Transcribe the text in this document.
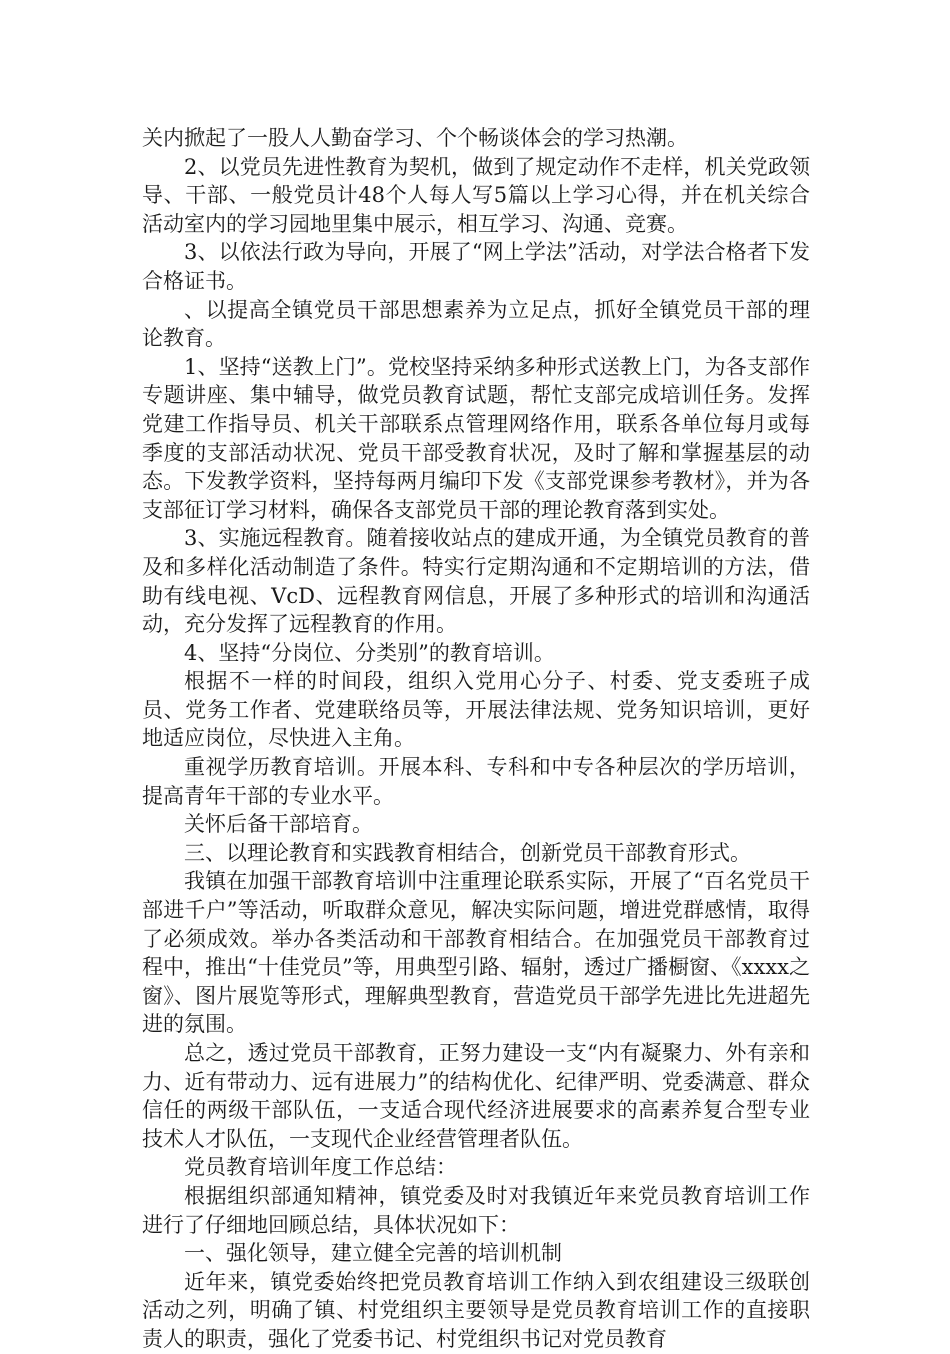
关内掀起了一股人人勤奋学习、个个畅谈体会的学习热潮。

2、以党员先进性教育为契机，做到了规定动作不走样，机关党政领导、干部、一般党员计48个人每人写5篇以上学习心得，并在机关综合活动室内的学习园地里集中展示，相互学习、沟通、竞赛。

3、以依法行政为导向，开展了“网上学法”活动，对学法合格者下发合格证书。

、以提高全镇党员干部思想素养为立足点，抓好全镇党员干部的理论教育。

1、坚持“送教上门”。党校坚持采纳多种形式送教上门，为各支部作专题讲座、集中辅导，做党员教育试题，帮忙支部完成培训任务。发挥党建工作指导员、机关干部联系点管理网络作用，联系各单位每月或每季度的支部活动状况、党员干部受教育状况，及时了解和掌握基层的动态。下发教学资料，坚持每两月编印下发《支部党课参考教材》，并为各支部征订学习材料，确保各支部党员干部的理论教育落到实处。

3、实施远程教育。随着接收站点的建成开通，为全镇党员教育的普及和多样化活动制造了条件。特实行定期沟通和不定期培训的方法，借助有线电视、VcD、远程教育网信息，开展了多种形式的培训和沟通活动，充分发挥了远程教育的作用。

4、坚持“分岗位、分类别”的教育培训。

根据不一样的时间段，组织入党用心分子、村委、党支委班子成员、党务工作者、党建联络员等，开展法律法规、党务知识培训，更好地适应岗位，尽快进入主角。

重视学历教育培训。开展本科、专科和中专各种层次的学历培训，提高青年干部的专业水平。

关怀后备干部培育。

三、以理论教育和实践教育相结合，创新党员干部教育形式。

我镇在加强干部教育培训中注重理论联系实际，开展了“百名党员干部进千户”等活动，听取群众意见，解决实际问题，增进党群感情，取得了必须成效。举办各类活动和干部教育相结合。在加强党员干部教育过程中，推出“十佳党员”等，用典型引路、辐射，透过广播橱窗、《xxxx之窗》、图片展览等形式，理解典型教育，营造党员干部学先进比先进超先进的氛围。

总之，透过党员干部教育，正努力建设一支“内有凝聚力、外有亲和力、近有带动力、远有进展力”的结构优化、纪律严明、党委满意、群众信任的两级干部队伍，一支适合现代经济进展要求的高素养复合型专业技术人才队伍，一支现代企业经营管理者队伍。

党员教育培训年度工作总结：

根据组织部通知精神，镇党委及时对我镇近年来党员教育培训工作进行了仔细地回顾总结，具体状况如下：

一、强化领导，建立健全完善的培训机制

近年来，镇党委始终把党员教育培训工作纳入到农组建设三级联创活动之列，明确了镇、村党组织主要领导是党员教育培训工作的直接职责人的职责，强化了党委书记、村党组织书记对党员教育
